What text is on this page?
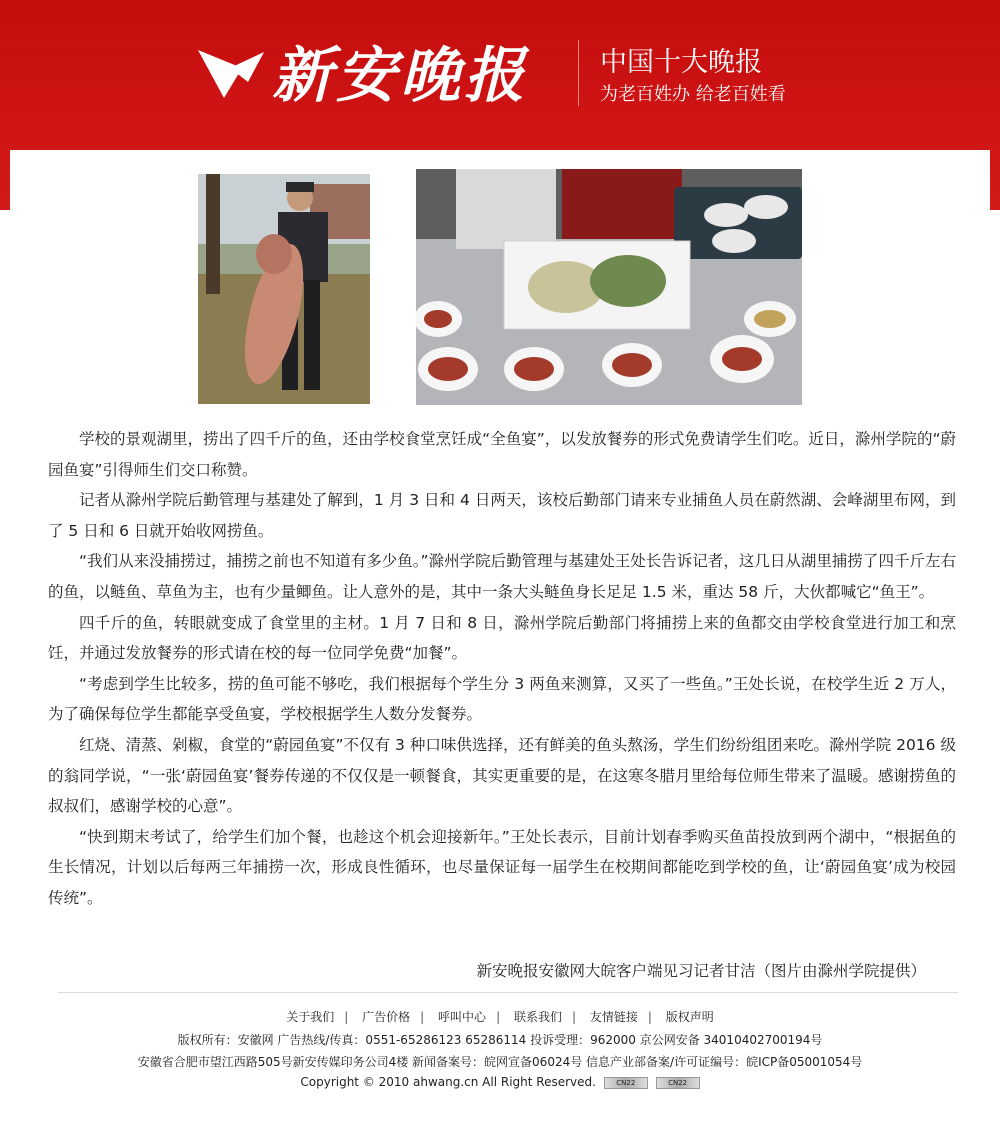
新安晚报	中国十大晚报
为老百姓办 给老百姓看

学校的景观湖里，捞出了四千斤的鱼，还由学校食堂烹饪成“全鱼宴”，以发放餐券的形式免费请学生们吃。近日，滁州学院的“蔚园鱼宴”引得师生们交口称赞。

记者从滁州学院后勤管理与基建处了解到，1 月 3 日和 4 日两天，该校后勤部门请来专业捕鱼人员在蔚然湖、会峰湖里布网，到了 5 日和 6 日就开始收网捞鱼。

“我们从来没捕捞过，捕捞之前也不知道有多少鱼。”滁州学院后勤管理与基建处王处长告诉记者，这几日从湖里捕捞了四千斤左右的鱼，以鲢鱼、草鱼为主，也有少量鲫鱼。让人意外的是，其中一条大头鲢鱼身长足足 1.5 米，重达 58 斤，大伙都喊它“鱼王”。

四千斤的鱼，转眼就变成了食堂里的主材。1 月 7 日和 8 日，滁州学院后勤部门将捕捞上来的鱼都交由学校食堂进行加工和烹饪，并通过发放餐券的形式请在校的每一位同学免费“加餐”。

“考虑到学生比较多，捞的鱼可能不够吃，我们根据每个学生分 3 两鱼来测算，又买了一些鱼。”王处长说，在校学生近 2 万人，为了确保每位学生都能享受鱼宴，学校根据学生人数分发餐券。

红烧、清蒸、剁椒，食堂的“蔚园鱼宴”不仅有 3 种口味供选择，还有鲜美的鱼头熬汤，学生们纷纷组团来吃。滁州学院 2016 级的翁同学说，“一张‘蔚园鱼宴’餐券传递的不仅仅是一顿餐食，其实更重要的是，在这寒冬腊月里给每位师生带来了温暖。感谢捞鱼的叔叔们，感谢学校的心意”。

“快到期末考试了，给学生们加个餐，也趁这个机会迎接新年。”王处长表示，目前计划春季购买鱼苗投放到两个湖中，“根据鱼的生长情况，计划以后每两三年捕捞一次，形成良性循环，也尽量保证每一届学生在校期间都能吃到学校的鱼，让‘蔚园鱼宴’成为校园传统”。

新安晚报安徽网大皖客户端见习记者甘洁（图片由滁州学院提供）
关于我们 | 广告价格 | 呼叫中心 | 联系我们 | 友情链接 | 版权声明
版权所有：安徽网 广告热线/传真：0551-65286123 65286114 投诉受理：962000 京公网安备 34010402700194号
安徽省合肥市望江西路505号新安传媒印务公司4楼 新闻备案号：皖网宣备06024号 信息产业部备案/许可证编号：皖ICP备05001054号
Copyright © 2010 ahwang.cn All Right Reserved.	CN22
	CN22
